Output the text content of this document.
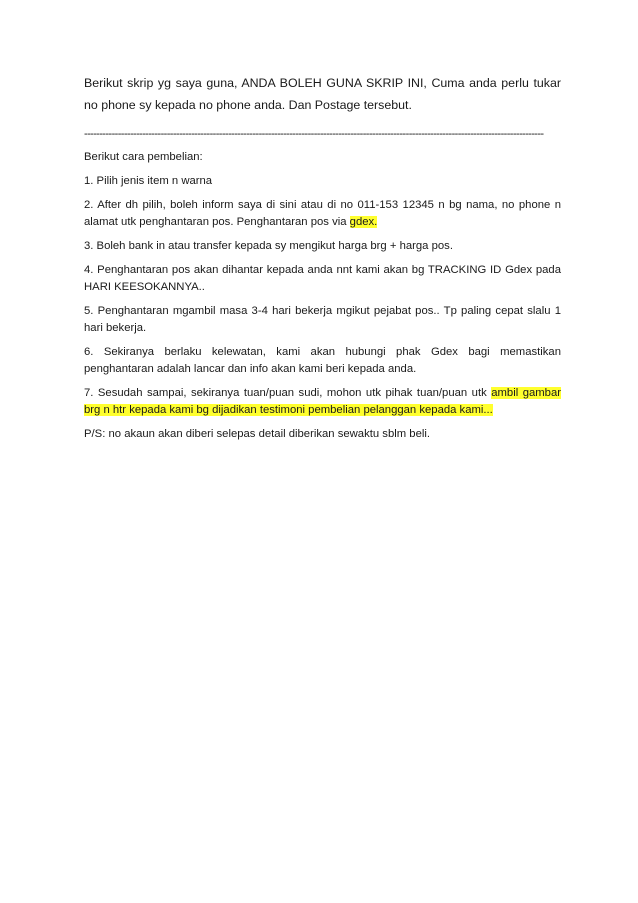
Berikut skrip yg saya guna, ANDA BOLEH GUNA SKRIP INI, Cuma anda perlu tukar no phone sy kepada no phone anda. Dan Postage tersebut.

------------------------------------------------------------------------------------------------------------------------------------------------------

Berikut cara pembelian:

1. Pilih jenis item n warna

2. After dh pilih, boleh inform saya di sini atau di no 011-153 12345 n bg nama, no phone n alamat utk penghantaran pos. Penghantaran pos via gdex.

3. Boleh bank in atau transfer kepada sy mengikut harga brg + harga pos.

4. Penghantaran pos akan dihantar kepada anda nnt kami akan bg TRACKING ID Gdex pada HARI KEESOKANNYA..

5. Penghantaran mgambil masa 3-4 hari bekerja mgikut pejabat pos.. Tp paling cepat slalu 1 hari bekerja.

6. Sekiranya berlaku kelewatan, kami akan hubungi phak Gdex bagi memastikan penghantaran adalah lancar dan info akan kami beri kepada anda.

7. Sesudah sampai, sekiranya tuan/puan sudi, mohon utk pihak tuan/puan utk ambil gambar brg n htr kepada kami bg dijadikan testimoni pembelian pelanggan kepada kami...

P/S: no akaun akan diberi selepas detail diberikan sewaktu sblm beli.
